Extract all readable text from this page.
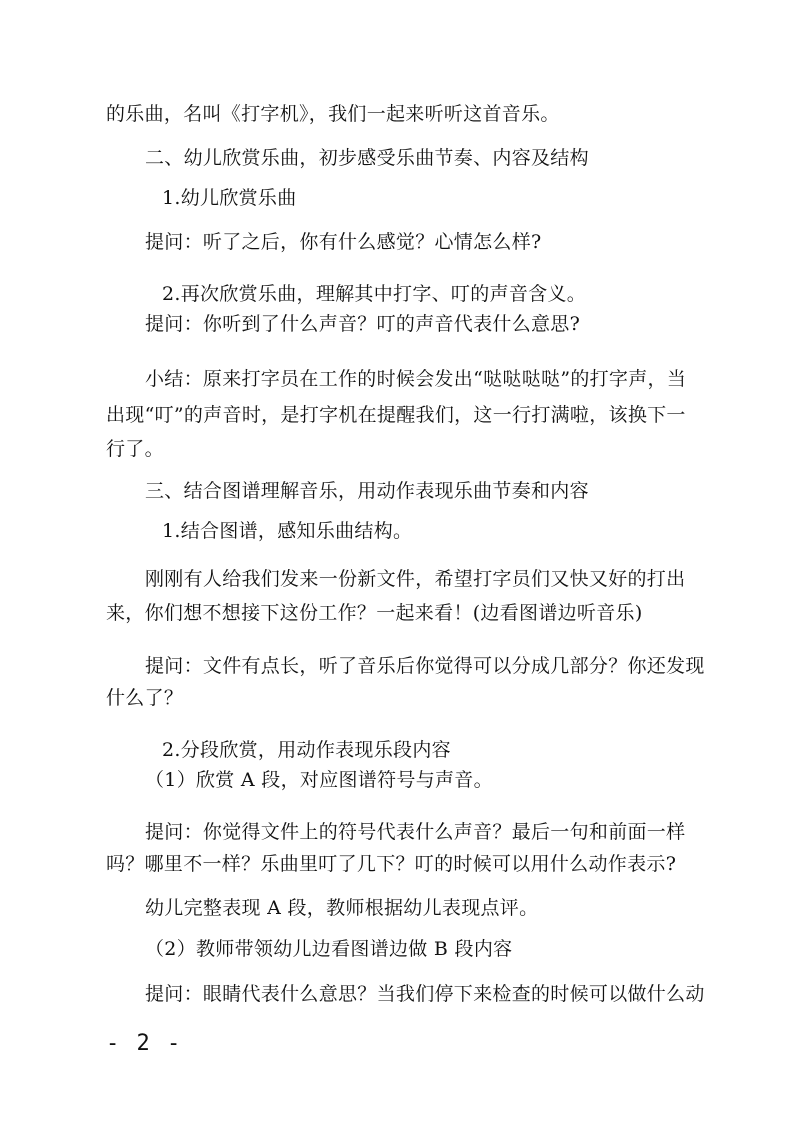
的乐曲，名叫《打字机》，我们一起来听听这首音乐。
二、幼儿欣赏乐曲，初步感受乐曲节奏、内容及结构
1.幼儿欣赏乐曲
提问：听了之后，你有什么感觉？心情怎么样?
2.再次欣赏乐曲，理解其中打字、叮的声音含义。
提问：你听到了什么声音？叮的声音代表什么意思?
小结：原来打字员在工作的时候会发出“哒哒哒哒”的打字声，当
出现“叮”的声音时，是打字机在提醒我们，这一行打满啦，该换下一
行了。
三、结合图谱理解音乐，用动作表现乐曲节奏和内容
1.结合图谱，感知乐曲结构。
刚刚有人给我们发来一份新文件，希望打字员们又快又好的打出
来，你们想不想接下这份工作？一起来看！(边看图谱边听音乐)
提问：文件有点长，听了音乐后你觉得可以分成几部分？你还发现
什么了？
2.分段欣赏，用动作表现乐段内容
（1）欣赏 A 段，对应图谱符号与声音。
提问：你觉得文件上的符号代表什么声音？最后一句和前面一样
吗？哪里不一样？乐曲里叮了几下？叮的时候可以用什么动作表示?
幼儿完整表现 A 段，教师根据幼儿表现点评。
（2）教师带领幼儿边看图谱边做 B 段内容
提问：眼睛代表什么意思？当我们停下来检查的时候可以做什么动
- 2 -
